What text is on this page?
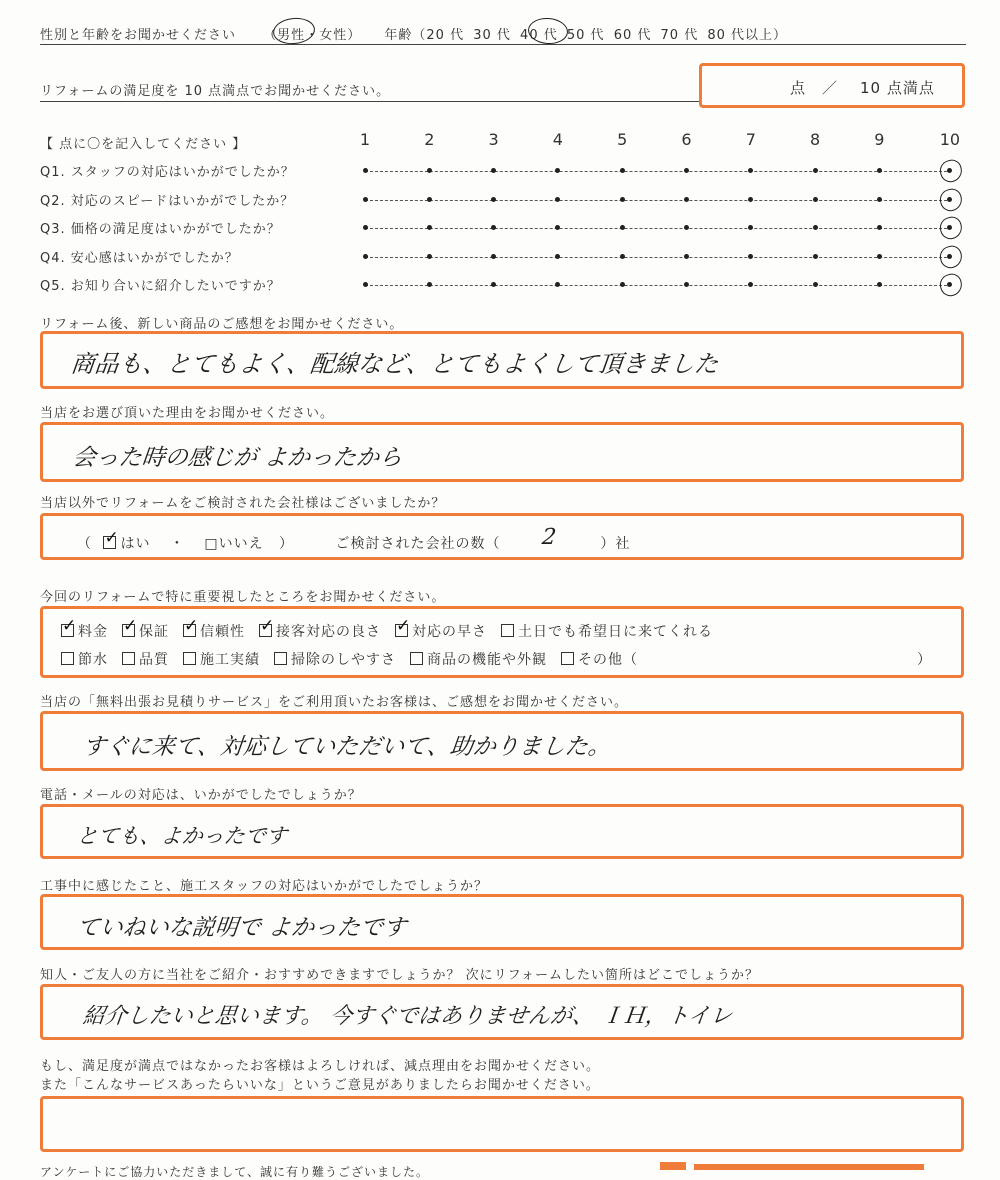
性別と年齢をお聞かせください （男性・女性） 年齢（20 代 30 代 40 代 50 代 60 代 70 代 80 代以上）
リフォームの満足度を 10 点満点でお聞かせください。	点 ／ 10 点満点
【 点に〇を記入してください 】	1	2	3	4	5	6	7	8	9	10
Q1. スタッフの対応はいかがでしたか？
Q2. 対応のスピードはいかがでしたか？
Q3. 価格の満足度はいかがでしたか？
Q4. 安心感はいかがでしたか？
Q5. お知り合いに紹介したいですか？
リフォーム後、新しい商品のご感想をお聞かせください。
商品も、とてもよく、配線など、とてもよくして頂きました
当店をお選び頂いた理由をお聞かせください。
会った時の感じが よかったから
当店以外でリフォームをご検討された会社様はございましたか？
（ ✓ はい ・ □いいえ ）	ご検討された会社の数（ 2	）社
今回のリフォームで特に重要視したところをお聞かせください。
✓料金 ✓ 保証 ✓ 信頼性 ✓ 接客対応の良さ ✓ 対応の早さ 土日でも希望日に来てくれる
節水 品質 施工実績 掃除のしやすさ 商品の機能や外観 その他（	）
当店の「無料出張お見積りサービス」をご利用頂いたお客様は、ご感想をお聞かせください。
すぐに来て、対応していただいて、助かりました。
電話・メールの対応は、いかがでしたでしょうか？
とても、よかったです
工事中に感じたこと、施工スタッフの対応はいかがでしたでしょうか？
ていねいな説明で よかったです
知人・ご友人の方に当社をご紹介・おすすめできますでしょうか？ 次にリフォームしたい箇所はどこでしょうか？
紹介したいと思います。 今すぐではありませんが、 ＩＨ，トイレ
もし、満足度が満点ではなかったお客様はよろしければ、減点理由をお聞かせください。
また「こんなサービスあったらいいな」というご意見がありましたらお聞かせください。
アンケートにご協力いただきまして、誠に有り難うございました。
